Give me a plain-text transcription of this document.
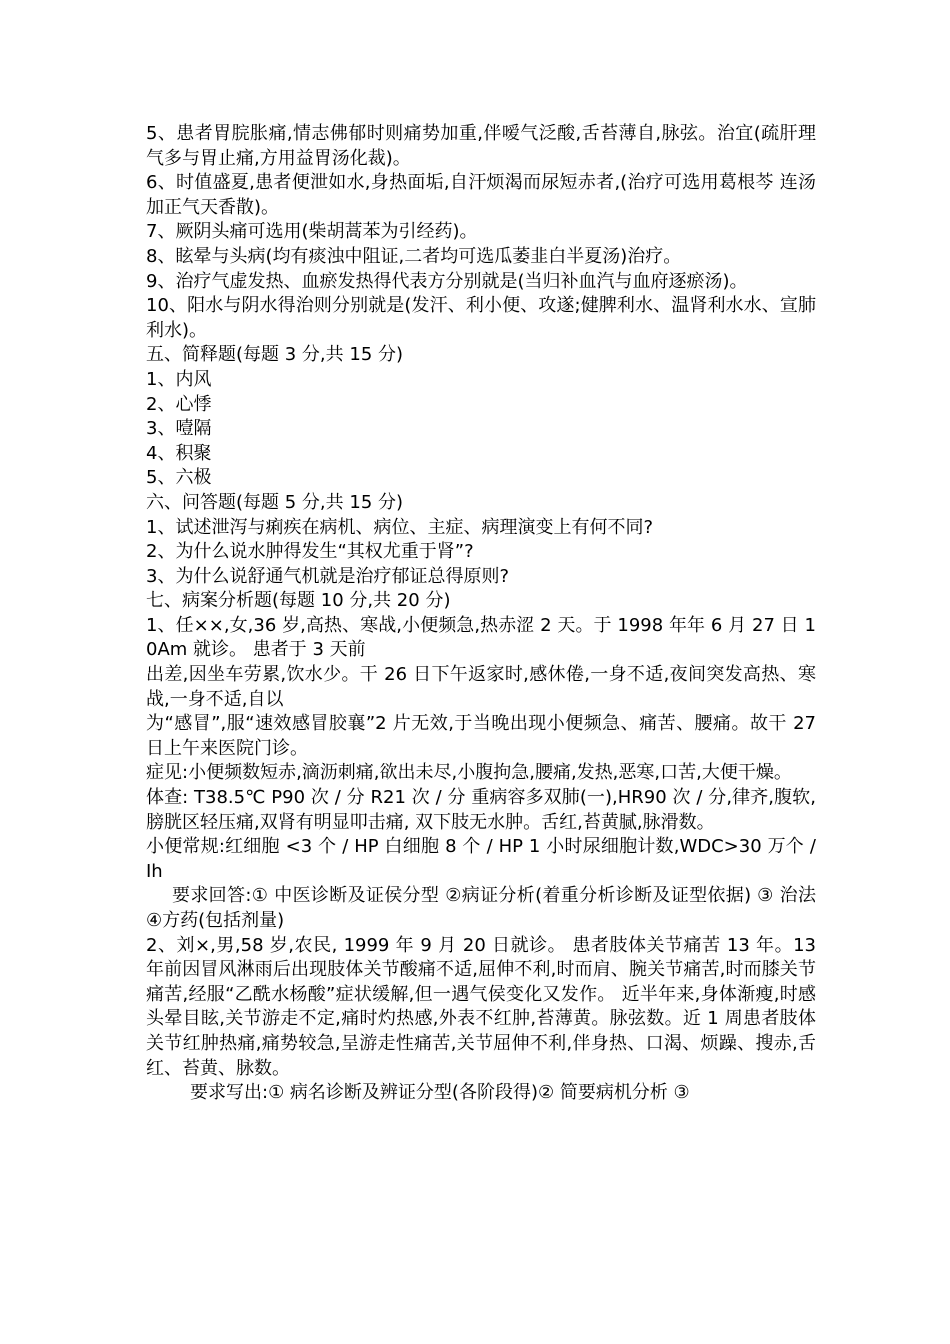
5、患者胃脘胀痛,情志佛郁时则痛势加重,伴嗳气泛酸,舌苔薄自,脉弦。治宜(疏肝理气多与胃止痛,方用益胃汤化裁)。

6、时值盛夏,患者便泄如水,身热面垢,自汗烦渴而尿短赤者,(治疗可选用葛根芩 连汤加正气天香散)。

7、厥阴头痛可选用(柴胡蒿苯为引经药)。

8、眩晕与头病(均有痰浊中阻证,二者均可选瓜萎韭白半夏汤)治疗。

9、治疗气虚发热、血瘀发热得代表方分别就是(当归补血汽与血府逐瘀汤)。

10、阳水与阴水得治则分别就是(发汗、利小便、攻遂;健脾利水、温肾利水水、宣肺利水)。

五、简释题(每题 3 分,共 15 分)

1、内风

2、心悸

3、噎隔

4、积聚

5、六极

六、问答题(每题 5 分,共 15 分)

1、试述泄泻与痢疾在病机、病位、主症、病理演变上有何不同?

2、为什么说水肿得发生“其权尤重于肾”?

3、为什么说舒通气机就是治疗郁证总得原则?

七、病案分析题(每题 10 分,共 20 分)

1、任××,女,36 岁,高热、寒战,小便频急,热赤涩 2 天。于 1998 年年 6 月 27 日 10Am 就诊。 患者于 3 天前

出差,因坐车劳累,饮水少。干 26 日下午返家时,感休倦,一身不适,夜间突发高热、寒战,一身不适,自以

为“感冒”,服“速效感冒胶襄”2 片无效,于当晚出现小便频急、痛苦、腰痛。故干 27 日上午来医院门诊。

症见:小便频数短赤,滴沥刺痛,欲出未尽,小腹拘急,腰痛,发热,恶寒,口苦,大便干燥。

体查: T38.5℃ P90 次 / 分 R21 次 / 分 重病容多双肺(一),HR90 次 / 分,律齐,腹软,膀胱区轻压痛,双肾有明显叩击痛, 双下肢无水肿。舌红,苔黄腻,脉滑数。

小便常规:红细胞 <3 个 / HP 白细胞 8 个 / HP 1 小时尿细胞计数,WDC>30 万个 / Ih

要求回答:① 中医诊断及证侯分型 ②病证分析(着重分析诊断及证型依据) ③ 治法 ④方药(包括剂量)

2、刘×,男,58 岁,农民, 1999 年 9 月 20 日就诊。 患者肢体关节痛苦 13 年。13 年前因冒风淋雨后出现肢体关节酸痛不适,屈伸不利,时而肩、腕关节痛苦,时而膝关节痛苦,经服“乙酰水杨酸”症状缓解,但一遇气侯变化又发作。 近半年来,身体渐瘦,时感头晕目眩,关节游走不定,痛时灼热感,外表不红肿,苔薄黄。脉弦数。近 1 周患者肢体关节红肿热痛,痛势较急,呈游走性痛苦,关节屈伸不利,伴身热、口渴、烦躁、搜赤,舌红、苔黄、脉数。

要求写出:① 病名诊断及辨证分型(各阶段得)② 简要病机分析 ③
